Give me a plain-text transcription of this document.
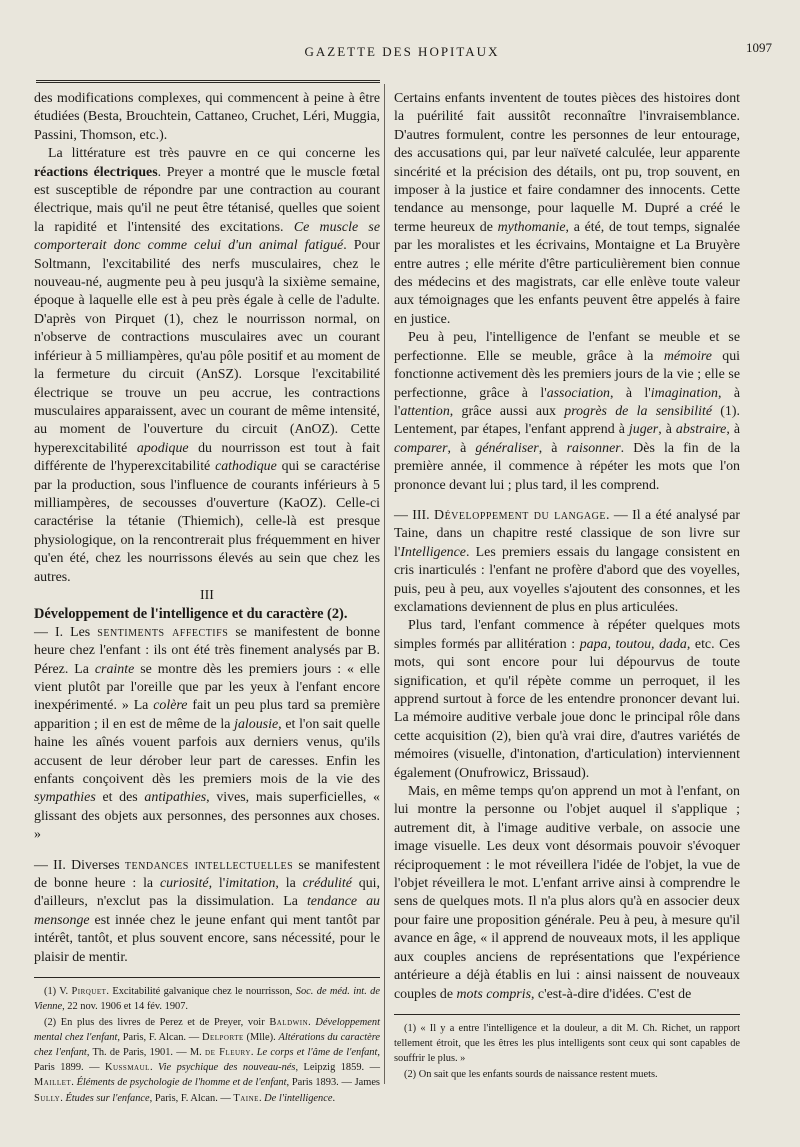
GAZETTE DES HOPITAUX	1097

des modifications complexes, qui commencent à peine à être étudiées (Besta, Brouchtein, Cattaneo, Cruchet, Léri, Muggia, Passini, Thomson, etc.).

La littérature est très pauvre en ce qui concerne les réactions électriques. Preyer a montré que le muscle fœtal est susceptible de répondre par une contraction au courant électrique, mais qu'il ne peut être tétanisé, quelles que soient la rapidité et l'intensité des excitations. Ce muscle se comporterait donc comme celui d'un animal fatigué. Pour Soltmann, l'excitabilité des nerfs musculaires, chez le nouveau-né, augmente peu à peu jusqu'à la sixième semaine, époque à laquelle elle est à peu près égale à celle de l'adulte. D'après von Pirquet (1), chez le nourrisson normal, on n'observe de contractions musculaires avec un courant inférieur à 5 milliampères, qu'au pôle positif et au moment de la fermeture du circuit (AnSZ). Lorsque l'excitabilité électrique se trouve un peu accrue, les contractions musculaires apparaissent, avec un courant de même intensité, au moment de l'ouverture du circuit (AnOZ). Cette hyperexcitabilité apodique du nourrisson est tout à fait différente de l'hyperexcitabilité cathodique qui se caractérise par la production, sous l'influence de courants inférieurs à 5 milliampères, de secousses d'ouverture (KaOZ). Celle-ci caractérise la tétanie (Thiemich), celle-là est presque physiologique, on la rencontrerait plus fréquemment en hiver qu'en été, chez les nourrissons élevés au sein que chez les autres.

III

Développement de l'intelligence et du caractère (2).

— I. Les sentiments affectifs se manifestent de bonne heure chez l'enfant : ils ont été très finement analysés par B. Pérez. La crainte se montre dès les premiers jours : « elle vient plutôt par l'oreille que par les yeux à l'enfant encore inexpérimenté. » La colère fait un peu plus tard sa première apparition ; il en est de même de la jalousie, et l'on sait quelle haine les aînés vouent parfois aux derniers venus, qu'ils accusent de leur dérober leur part de caresses. Enfin les enfants conçoivent dès les premiers mois de la vie des sympathies et des antipathies, vives, mais superficielles, « glissant des objets aux personnes, des personnes aux choses. »

— II. Diverses tendances intellectuelles se manifestent de bonne heure : la curiosité, l'imitation, la crédulité qui, d'ailleurs, n'exclut pas la dissimulation. La tendance au mensonge est innée chez le jeune enfant qui ment tantôt par intérêt, tantôt, et plus souvent encore, sans nécessité, pour le plaisir de mentir.

(1) V. Pirquet. Excitabilité galvanique chez le nourrisson, Soc. de méd. int. de Vienne, 22 nov. 1906 et 14 fév. 1907.

(2) En plus des livres de Perez et de Preyer, voir Baldwin. Développement mental chez l'enfant, Paris, F. Alcan. — Delporte (Mlle). Altérations du caractère chez l'enfant, Th. de Paris, 1901. — M. de Fleury. Le corps et l'âme de l'enfant, Paris 1899. — Kussmaul. Vie psychique des nouveau-nés, Leipzig 1859. — Maillet. Éléments de psychologie de l'homme et de l'enfant, Paris 1893. — James Sully. Études sur l'enfance, Paris, F. Alcan. — Taine. De l'intelligence.

Certains enfants inventent de toutes pièces des histoires dont la puérilité fait aussitôt reconnaître l'invraisemblance. D'autres formulent, contre les personnes de leur entourage, des accusations qui, par leur naïveté calculée, leur apparente sincérité et la précision des détails, ont pu, trop souvent, en imposer à la justice et faire condamner des innocents. Cette tendance au mensonge, pour laquelle M. Dupré a créé le terme heureux de mythomanie, a été, de tout temps, signalée par les moralistes et les écrivains, Montaigne et La Bruyère entre autres ; elle mérite d'être particulièrement bien connue des médecins et des magistrats, car elle enlève toute valeur aux témoignages que les enfants peuvent être appelés à faire en justice.

Peu à peu, l'intelligence de l'enfant se meuble et se perfectionne. Elle se meuble, grâce à la mémoire qui fonctionne activement dès les premiers jours de la vie ; elle se perfectionne, grâce à l'association, à l'imagination, à l'attention, grâce aussi aux progrès de la sensibilité (1). Lentement, par étapes, l'enfant apprend à juger, à abstraire, à comparer, à généraliser, à raisonner. Dès la fin de la première année, il commence à répéter les mots que l'on prononce devant lui ; plus tard, il les comprend.

— III. Développement du langage. — Il a été analysé par Taine, dans un chapitre resté classique de son livre sur l'Intelligence. Les premiers essais du langage consistent en cris inarticulés : l'enfant ne profère d'abord que des voyelles, puis, peu à peu, aux voyelles s'ajoutent des consonnes, et les exclamations deviennent de plus en plus articulées.

Plus tard, l'enfant commence à répéter quelques mots simples formés par allitération : papa, toutou, dada, etc. Ces mots, qui sont encore pour lui dépourvus de toute signification, et qu'il répète comme un perroquet, il les apprend surtout à force de les entendre prononcer devant lui. La mémoire auditive verbale joue donc le principal rôle dans cette acquisition (2), bien qu'à vrai dire, d'autres variétés de mémoires (visuelle, d'intonation, d'articulation) interviennent également (Onufrowicz, Brissaud).

Mais, en même temps qu'on apprend un mot à l'enfant, on lui montre la personne ou l'objet auquel il s'applique ; autrement dit, à l'image auditive verbale, on associe une image visuelle. Les deux vont désormais pouvoir s'évoquer réciproquement : le mot réveillera l'idée de l'objet, la vue de l'objet réveillera le mot. L'enfant arrive ainsi à comprendre le sens de quelques mots. Il n'a plus alors qu'à en associer deux pour faire une proposition générale. Peu à peu, à mesure qu'il avance en âge, « il apprend de nouveaux mots, il les applique aux couples anciens de représentations que l'expérience antérieure a déjà établis en lui : ainsi naissent de nouveaux couples de mots compris, c'est-à-dire d'idées. C'est de

(1) « Il y a entre l'intelligence et la douleur, a dit M. Ch. Richet, un rapport tellement étroit, que les êtres les plus intelligents sont ceux qui sont capables de souffrir le plus. »

(2) On sait que les enfants sourds de naissance restent muets.
